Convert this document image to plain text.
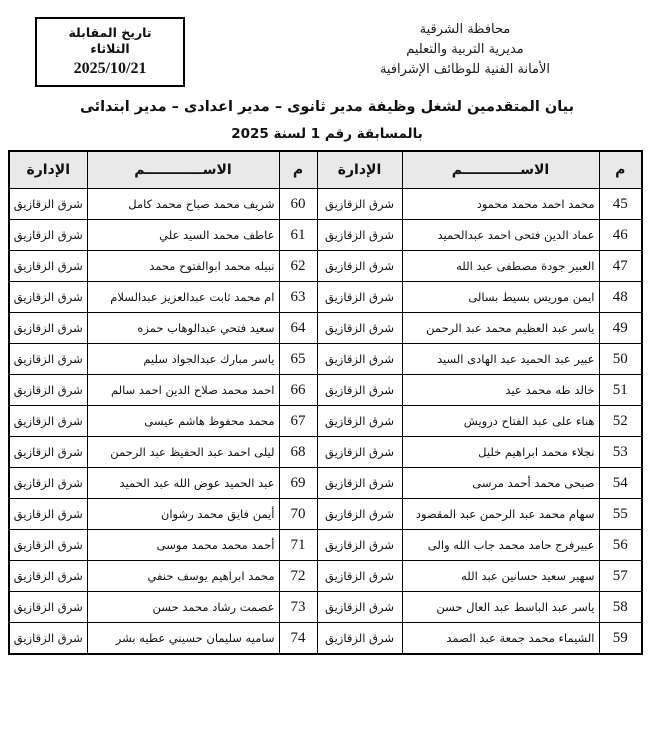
تاريخ المقابلة
الثلاثاء
2025/10/21
محافظة الشرقية
مديرية التربية والتعليم
الأمانة الفنية للوظائف الإشرافية
بيان المتقدمين لشغل وظيفة مدير ثانوى – مدير اعدادى – مدير ابتدائى
بالمسابقة رقم 1 لسنة 2025
م	الاســــــــــــم	الإدارة	م	الاســــــــــــم	الإدارة
45	محمد احمد محمد محمود	شرق الزقازيق	60	شريف محمد صباح محمد كامل	شرق الزقازيق
46	عماد الدين فتحى احمد عبدالحميد	شرق الزقازيق	61	عاطف محمد السيد علي	شرق الزقازيق
47	العبير جودة مصطفى عبد الله	شرق الزقازيق	62	نبيله محمد ابوالفتوح محمد	شرق الزقازيق
48	ايمن موريس بسيط بسالى	شرق الزقازيق	63	ام محمد ثابت عبدالعزيز عبدالسلام	شرق الزقازيق
49	ياسر عبد العظيم محمد عبد الرحمن	شرق الزقازيق	64	سعيد فتحي عبدالوهاب حمزه	شرق الزقازيق
50	عبير عبد الحميد عبد الهادى السيد	شرق الزقازيق	65	ياسر مبارك عبدالجواد سليم	شرق الزقازيق
51	خالد طه محمد عيد	شرق الزقازيق	66	احمد محمد صلاح الدين احمد سالم	شرق الزقازيق
52	هناء على عبد الفتاح درويش	شرق الزقازيق	67	محمد محفوظ هاشم عيسى	شرق الزقازيق
53	نجلاء محمد ابراهيم خليل	شرق الزقازيق	68	ليلى احمد عبد الحفيظ عبد الرحمن	شرق الزقازيق
54	صبحى محمد أحمد مرسى	شرق الزقازيق	69	عبد الحميد عوض الله عبد الحميد	شرق الزقازيق
55	سهام محمد عبد الرحمن عبد المقصود	شرق الزقازيق	70	أيمن فايق محمد رشوان	شرق الزقازيق
56	عبيرفرج حامد محمد جاب الله والى	شرق الزقازيق	71	أحمد محمد محمد موسى	شرق الزقازيق
57	سهير سعيد حسانين عبد الله	شرق الزقازيق	72	محمد ابراهيم يوسف حنفي	شرق الزقازيق
58	ياسر عبد الباسط عبد العال حسن	شرق الزقازيق	73	عصمت رشاد محمد حسن	شرق الزقازيق
59	الشيماء محمد جمعة عبد الصمد	شرق الزقازيق	74	ساميه سليمان حسيني عطيه بشر	شرق الزقازيق
